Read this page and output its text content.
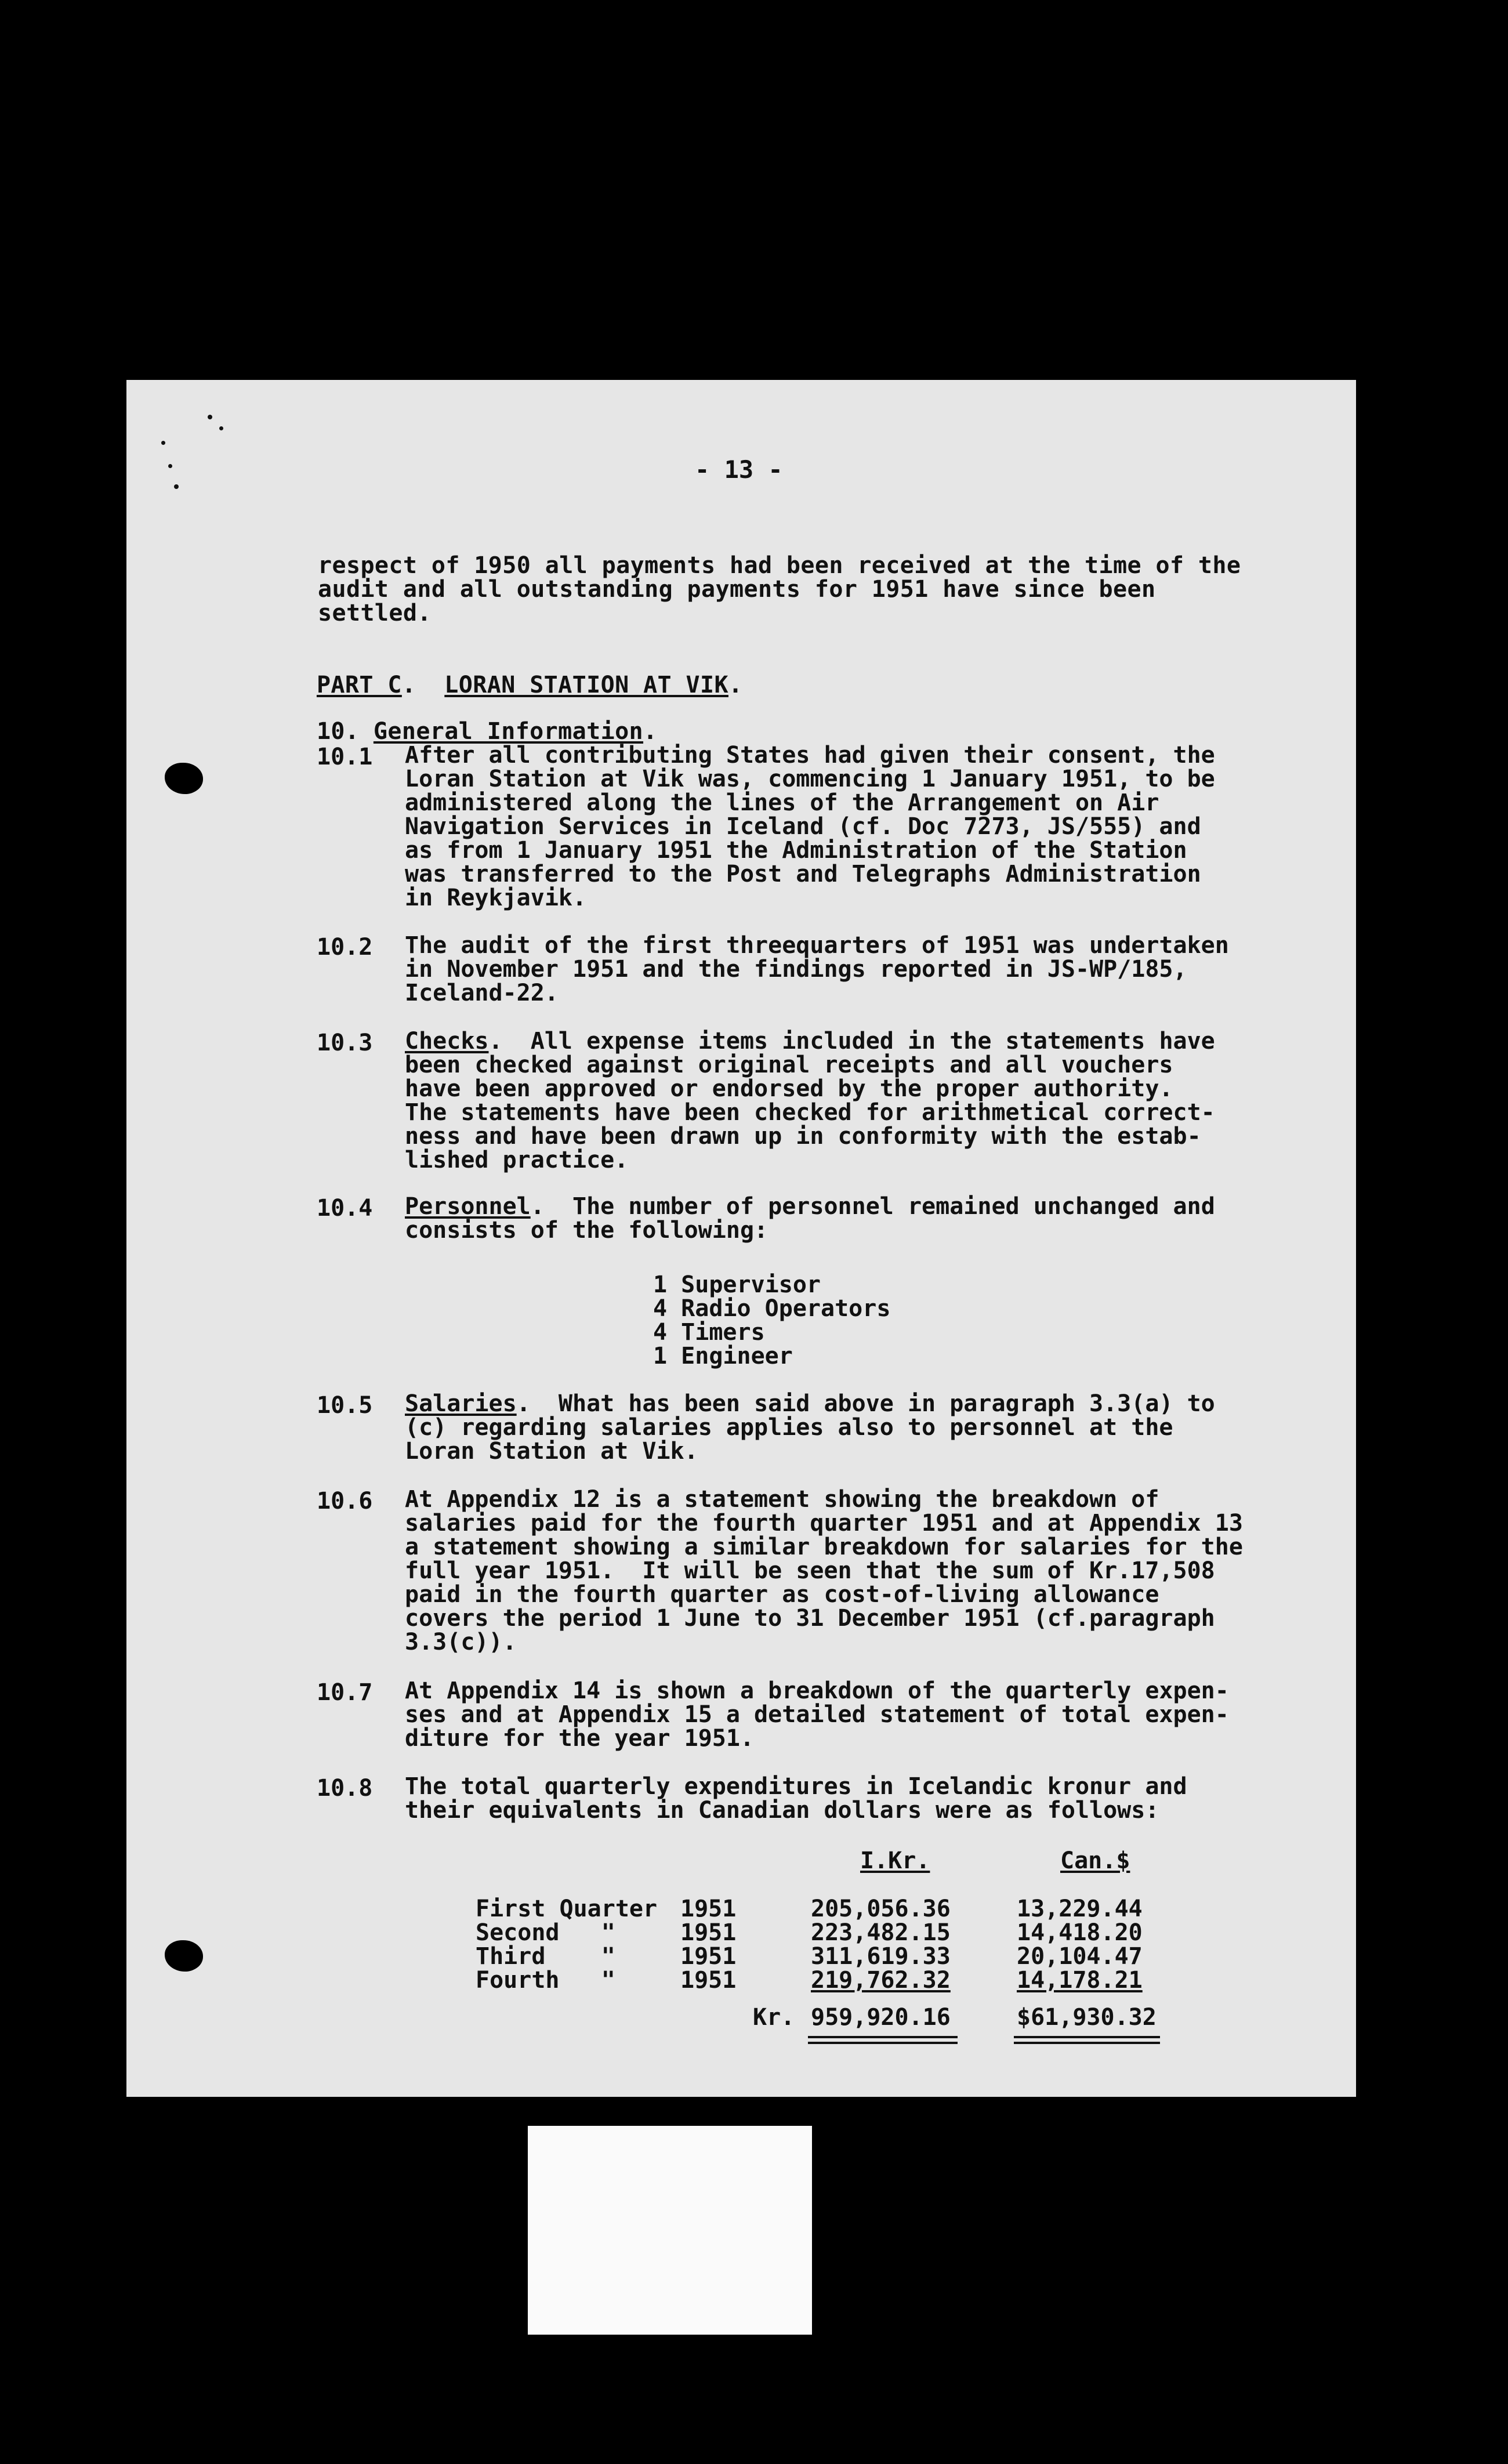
- 13 -
respect of 1950 all payments had been received at the time of the
audit and all outstanding payments for 1951 have since been
settled.

PART C. LORAN STATION AT VIK.

10. General Information.

10.1 After all contributing States had given their consent, the
Loran Station at Vik was, commencing 1 January 1951, to be
administered along the lines of the Arrangement on Air
Navigation Services in Iceland (cf. Doc 7273, JS/555) and
as from 1 January 1951 the Administration of the Station
was transferred to the Post and Telegraphs Administration
in Reykjavik.
10.2 The audit of the first threequarters of 1951 was undertaken
in November 1951 and the findings reported in JS-WP/185,
Iceland-22.
10.3 Checks.  All expense items included in the statements have
been checked against original receipts and all vouchers
have been approved or endorsed by the proper authority.
The statements have been checked for arithmetical correct-
ness and have been drawn up in conformity with the estab-
lished practice.
10.4 Personnel.  The number of personnel remained unchanged and
consists of the following:
1 Supervisor
4 Radio Operators
4 Timers
1 Engineer
10.5 Salaries.  What has been said above in paragraph 3.3(a) to
(c) regarding salaries applies also to personnel at the
Loran Station at Vik.
10.6 At Appendix 12 is a statement showing the breakdown of
salaries paid for the fourth quarter 1951 and at Appendix 13
a statement showing a similar breakdown for salaries for the
full year 1951.  It will be seen that the sum of Kr.17,508
paid in the fourth quarter as cost-of-living allowance
covers the period 1 June to 31 December 1951 (cf.paragraph
3.3(c)).
10.7 At Appendix 14 is shown a breakdown of the quarterly expen-
ses and at Appendix 15 a detailed statement of total expen-
diture for the year 1951.
10.8 The total quarterly expenditures in Icelandic kronur and
their equivalents in Canadian dollars were as follows:
I.Kr.	Can.$
First Quarter 1951	205,056.36	13,229.44
Second   "	1951	223,482.15	14,418.20
Third    "	1951	311,619.33	20,104.47
Fourth   "	1951	219,762.32	14,178.21
Kr. 959,920.16	$61,930.32
